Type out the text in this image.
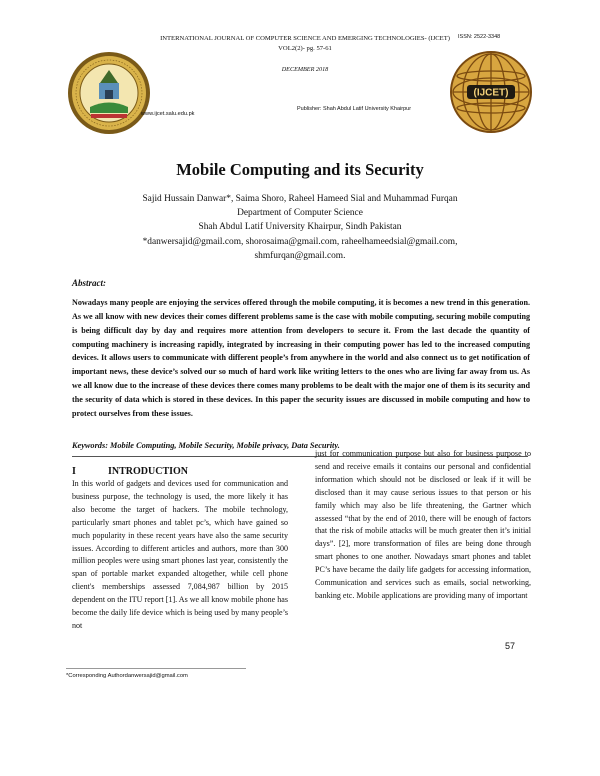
INTERNATIONAL JOURNAL OF COMPUTER SCIENCE AND EMERGING TECHNOLOGIES- (IJCET) VOL2(2)- pg. 57-61
ISSN: 2522-3348
DECEMBER 2018
(IJCET)
www.ijcet.salu.edu.pk
Publisher: Shah Abdul Latif University Khairpur
Mobile Computing and its Security
Sajid Hussain Danwar*, Saima Shoro, Raheel Hameed Sial and Muhammad Furqan
Department of Computer Science
Shah Abdul Latif University Khairpur, Sindh Pakistan
*danwersajid@gmail.com, shorosaima@gmail.com, raheelhameedsial@gmail.com,
shmfurqan@gmail.com.
Abstract:
Nowadays many people are enjoying the services offered through the mobile computing, it is becomes a new trend in this generation. As we all know with new devices their comes different problems same is the case with mobile computing, securing mobile computing is being difficult day by day and requires more attention from developers to secure it. From the last decade the quantity of computing machinery is increasing rapidly, integrated by increasing in their computing power has led to the increased computing devices. It allows users to communicate with different people’s from anywhere in the world and also connect us to get notification of important news, these device’s solved our so much of hard work like writing letters to the ones who are living far away from us. As we all know due to the increase of these devices there comes many problems to be dealt with the major one of them is its security and the security of data which is stored in these devices. In this paper the security issues are discussed in mobile computing and how to protect ourselves from these issues.
Keywords: Mobile Computing, Mobile Security, Mobile privacy, Data Security.
I	INTRODUCTION
In this world of gadgets and devices used for communication and business purpose, the technology is used, the more likely it has also become the target of hackers. The mobile technology, particularly smart phones and tablet pc’s, which have gained so much popularity in these recent years have also the same security issues. According to different articles and authors, more than 300 million peoples were using smart phones last year, consistently the span of portable market expanded altogether, while cell phone client's memberships assessed 7,084,987 billion by 2015 dependent on the ITU report [1]. As we all know mobile phone has become the daily life device which is being used by many people’s not
just for communication purpose but also for business purpose to send and receive emails it contains our personal and confidential information which should not be disclosed or leak if it will be disclosed than it may cause serious issues to that person or his family which may also be life threatening, the Gartner which assessed “that by the end of 2010, there will be enough of factors that the risk of mobile attacks will be much greater then it’s initial days”. [2], more transformation of files are being done through smart phones to one another. Nowadays smart phones and tablet PC’s have became the daily life gadgets for accessing information, Communication and services such as emails, social networking, banking etc. Mobile applications are providing many of important
57
*Corresponding Authordanwersajid@gmail.com
